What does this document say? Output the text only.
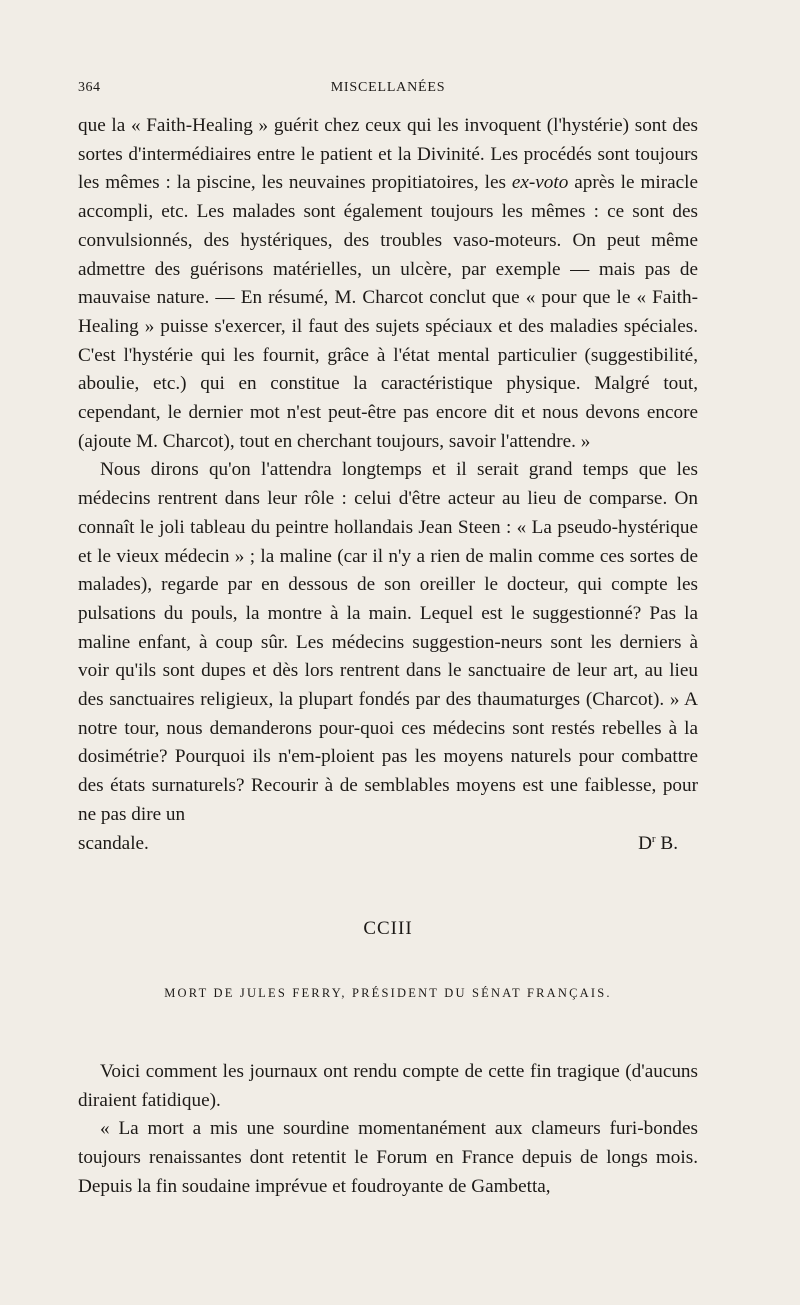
364	MISCELLANÉES

que la « Faith-Healing » guérit chez ceux qui les invoquent (l'hystérie) sont des sortes d'intermédiaires entre le patient et la Divinité. Les procédés sont toujours les mêmes : la piscine, les neuvaines propitiatoires, les ex-voto après le miracle accompli, etc. Les malades sont également toujours les mêmes : ce sont des convulsionnés, des hystériques, des troubles vaso-moteurs. On peut même admettre des guérisons matérielles, un ulcère, par exemple — mais pas de mauvaise nature. — En résumé, M. Charcot conclut que « pour que le « Faith-Healing » puisse s'exercer, il faut des sujets spéciaux et des maladies spéciales. C'est l'hystérie qui les fournit, grâce à l'état mental particulier (suggestibilité, aboulie, etc.) qui en constitue la caractéristique physique. Malgré tout, cependant, le dernier mot n'est peut-être pas encore dit et nous devons encore (ajoute M. Charcot), tout en cherchant toujours, savoir l'attendre. »

Nous dirons qu'on l'attendra longtemps et il serait grand temps que les médecins rentrent dans leur rôle : celui d'être acteur au lieu de comparse. On connaît le joli tableau du peintre hollandais Jean Steen : « La pseudo-hystérique et le vieux médecin » ; la maline (car il n'y a rien de malin comme ces sortes de malades), regarde par en dessous de son oreiller le docteur, qui compte les pulsations du pouls, la montre à la main. Lequel est le suggestionné? Pas la maline enfant, à coup sûr. Les médecins suggestion-neurs sont les derniers à voir qu'ils sont dupes et dès lors rentrent dans le sanctuaire de leur art, au lieu des sanctuaires religieux, la plupart fondés par des thaumaturges (Charcot). » A notre tour, nous demanderons pour-quoi ces médecins sont restés rebelles à la dosimétrie? Pourquoi ils n'em-ploient pas les moyens naturels pour combattre des états surnaturels? Recourir à de semblables moyens est une faiblesse, pour ne pas dire un

scandale.	$D^r$ B.
CCIII
MORT DE JULES FERRY, PRÉSIDENT DU SÉNAT FRANÇAIS.

Voici comment les journaux ont rendu compte de cette fin tragique (d'aucuns diraient fatidique).

« La mort a mis une sourdine momentanément aux clameurs furi-bondes toujours renaissantes dont retentit le Forum en France depuis de longs mois. Depuis la fin soudaine imprévue et foudroyante de Gambetta,
